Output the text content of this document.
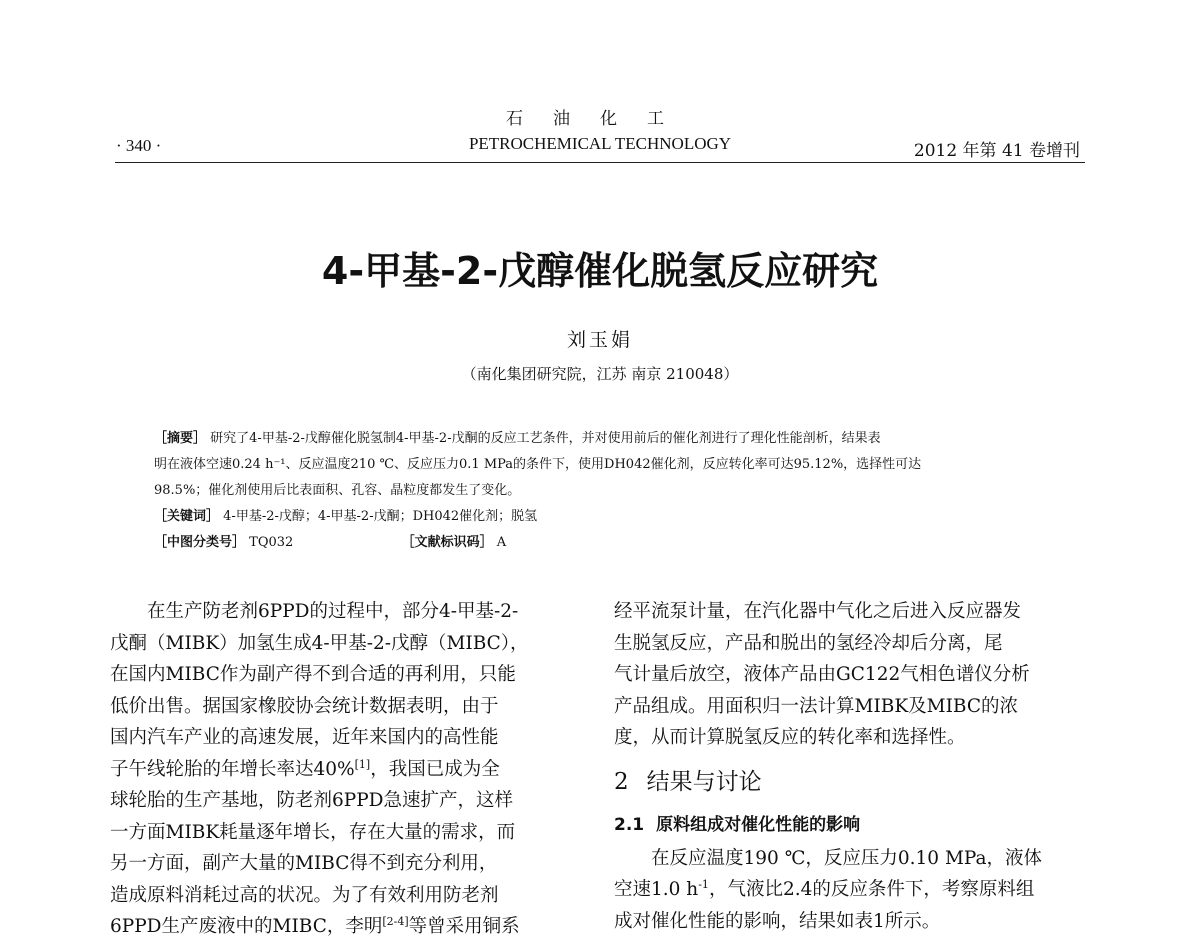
石油化工
PETROCHEMICAL TECHNOLOGY
· 340 ·	2012 年第 41 卷增刊
4-甲基-2-戊醇催化脱氢反应研究
刘玉娟
（南化集团研究院，江苏 南京 210048）
［摘要］ 研究了4-甲基-2-戊醇催化脱氢制4-甲基-2-戊酮的反应工艺条件，并对使用前后的催化剂进行了理化性能剖析，结果表
明在液体空速0.24 h⁻¹、反应温度210 ℃、反应压力0.1 MPa的条件下，使用DH042催化剂，反应转化率可达95.12%，选择性可达
98.5%；催化剂使用后比表面积、孔容、晶粒度都发生了变化。
［关键词］ 4-甲基-2-戊醇；4-甲基-2-戊酮；DH042催化剂；脱氢
［中图分类号］ TQ032	［文献标识码］ A
  在生产防老剂6PPD的过程中，部分4-甲基-2-
戊酮（MIBK）加氢生成4-甲基-2-戊醇（MIBC），
在国内MIBC作为副产得不到合适的再利用，只能
低价出售。据国家橡胶协会统计数据表明，由于
国内汽车产业的高速发展，近年来国内的高性能
子午线轮胎的年增长率达40%[1]，我国已成为全
球轮胎的生产基地，防老剂6PPD急速扩产，这样
一方面MIBK耗量逐年增长，存在大量的需求，而
另一方面，副产大量的MIBC得不到充分利用，
造成原料消耗过高的状况。为了有效利用防老剂
6PPD生产废液中的MIBC，李明[2-4]等曾采用铜系
经平流泵计量，在汽化器中气化之后进入反应器发
生脱氢反应，产品和脱出的氢经冷却后分离，尾
气计量后放空，液体产品由GC122气相色谱仪分析
产品组成。用面积归一法计算MIBK及MIBC的浓
度，从而计算脱氢反应的转化率和选择性。
2 结果与讨论
2.1 原料组成对催化性能的影响
  在反应温度190 ℃，反应压力0.10 MPa，液体
空速1.0 $h^{-1}$，气液比2.4的反应条件下，考察原料组
成对催化性能的影响，结果如表1所示。
